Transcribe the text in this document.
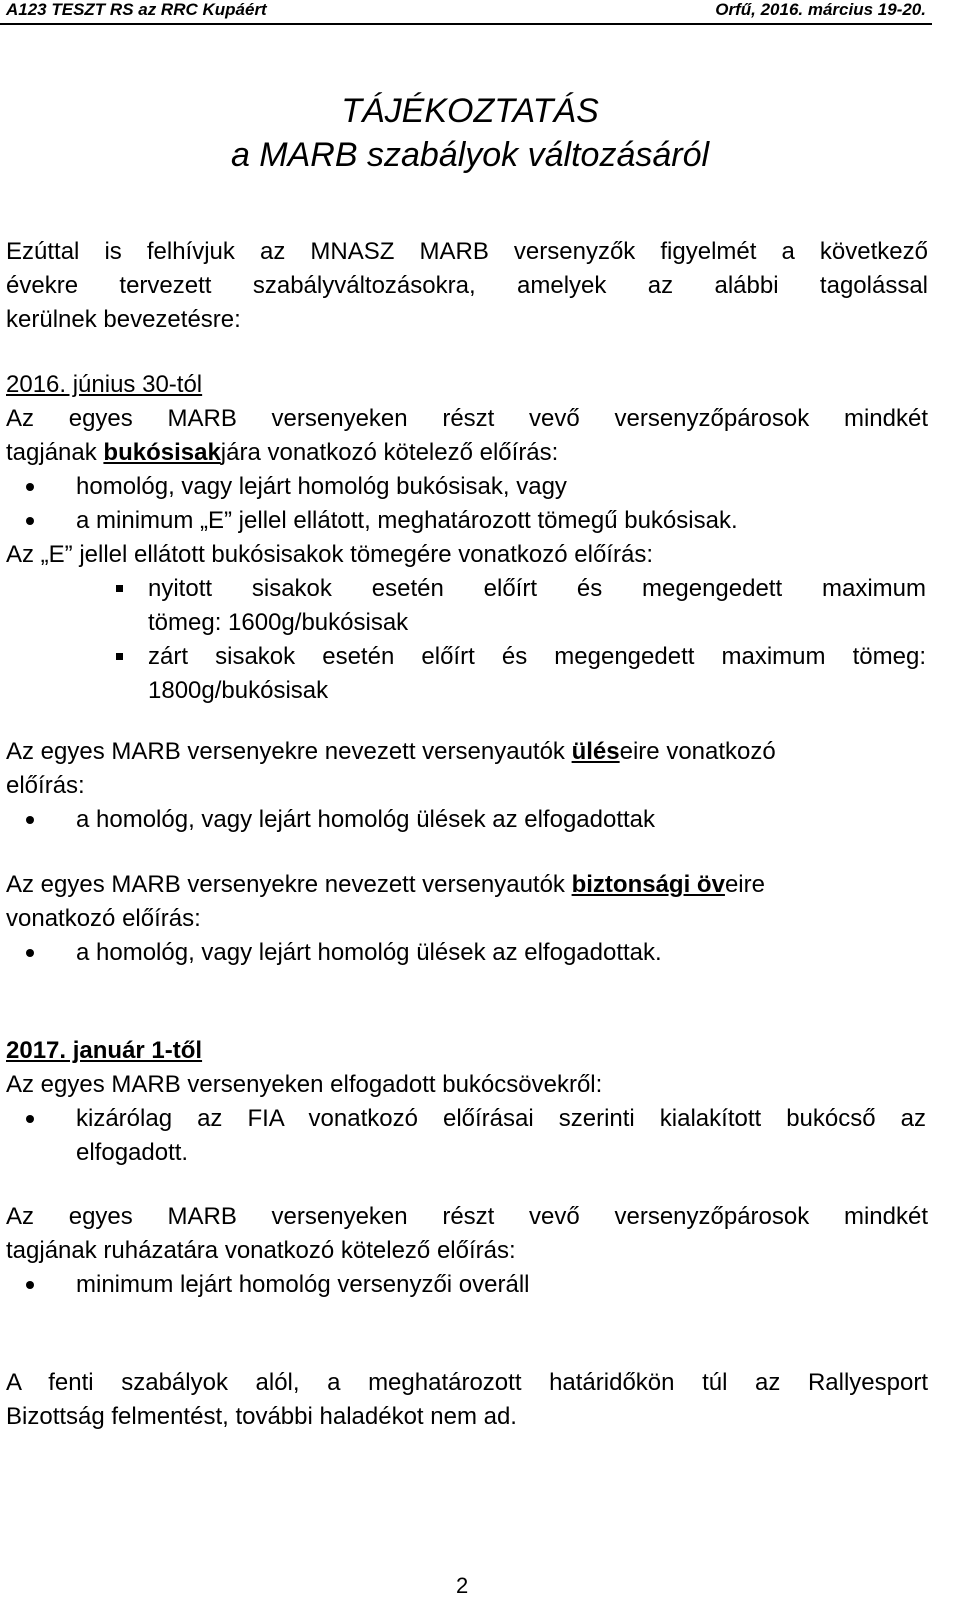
A123 TESZT RS az RRC Kupáért	Orfű, 2016. március 19-20.
TÁJÉKOZTATÁS
a MARB szabályok változásáról
Ezúttal is felhívjuk az MNASZ MARB versenyzők figyelmét a következő
évekre tervezett szabályváltozásokra, amelyek az alábbi tagolással
kerülnek bevezetésre:
2016. június 30-tól
Az egyes MARB versenyeken részt vevő versenyzőpárosok mindkét
tagjának bukósisakjára vonatkozó kötelező előírás:
homológ, vagy lejárt homológ bukósisak, vagy
a minimum „E” jellel ellátott, meghatározott tömegű bukósisak.
Az „E” jellel ellátott bukósisakok tömegére vonatkozó előírás:
nyitott sisakok esetén előírt és megengedett maximum
tömeg: 1600g/bukósisak
zárt sisakok esetén előírt és megengedett maximum tömeg:
1800g/bukósisak
Az egyes MARB versenyekre nevezett versenyautók üléseire vonatkozó
előírás:
a homológ, vagy lejárt homológ ülések az elfogadottak
Az egyes MARB versenyekre nevezett versenyautók biztonsági öveire
vonatkozó előírás:
a homológ, vagy lejárt homológ ülések az elfogadottak.
2017. január 1-től
Az egyes MARB versenyeken elfogadott bukócsövekről:
kizárólag az FIA vonatkozó előírásai szerinti kialakított bukócső az
elfogadott.
Az egyes MARB versenyeken részt vevő versenyzőpárosok mindkét
tagjának ruházatára vonatkozó kötelező előírás:
minimum lejárt homológ versenyzői overáll
A fenti szabályok alól, a meghatározott határidőkön túl az Rallyesport
Bizottság felmentést, további haladékot nem ad.
2
